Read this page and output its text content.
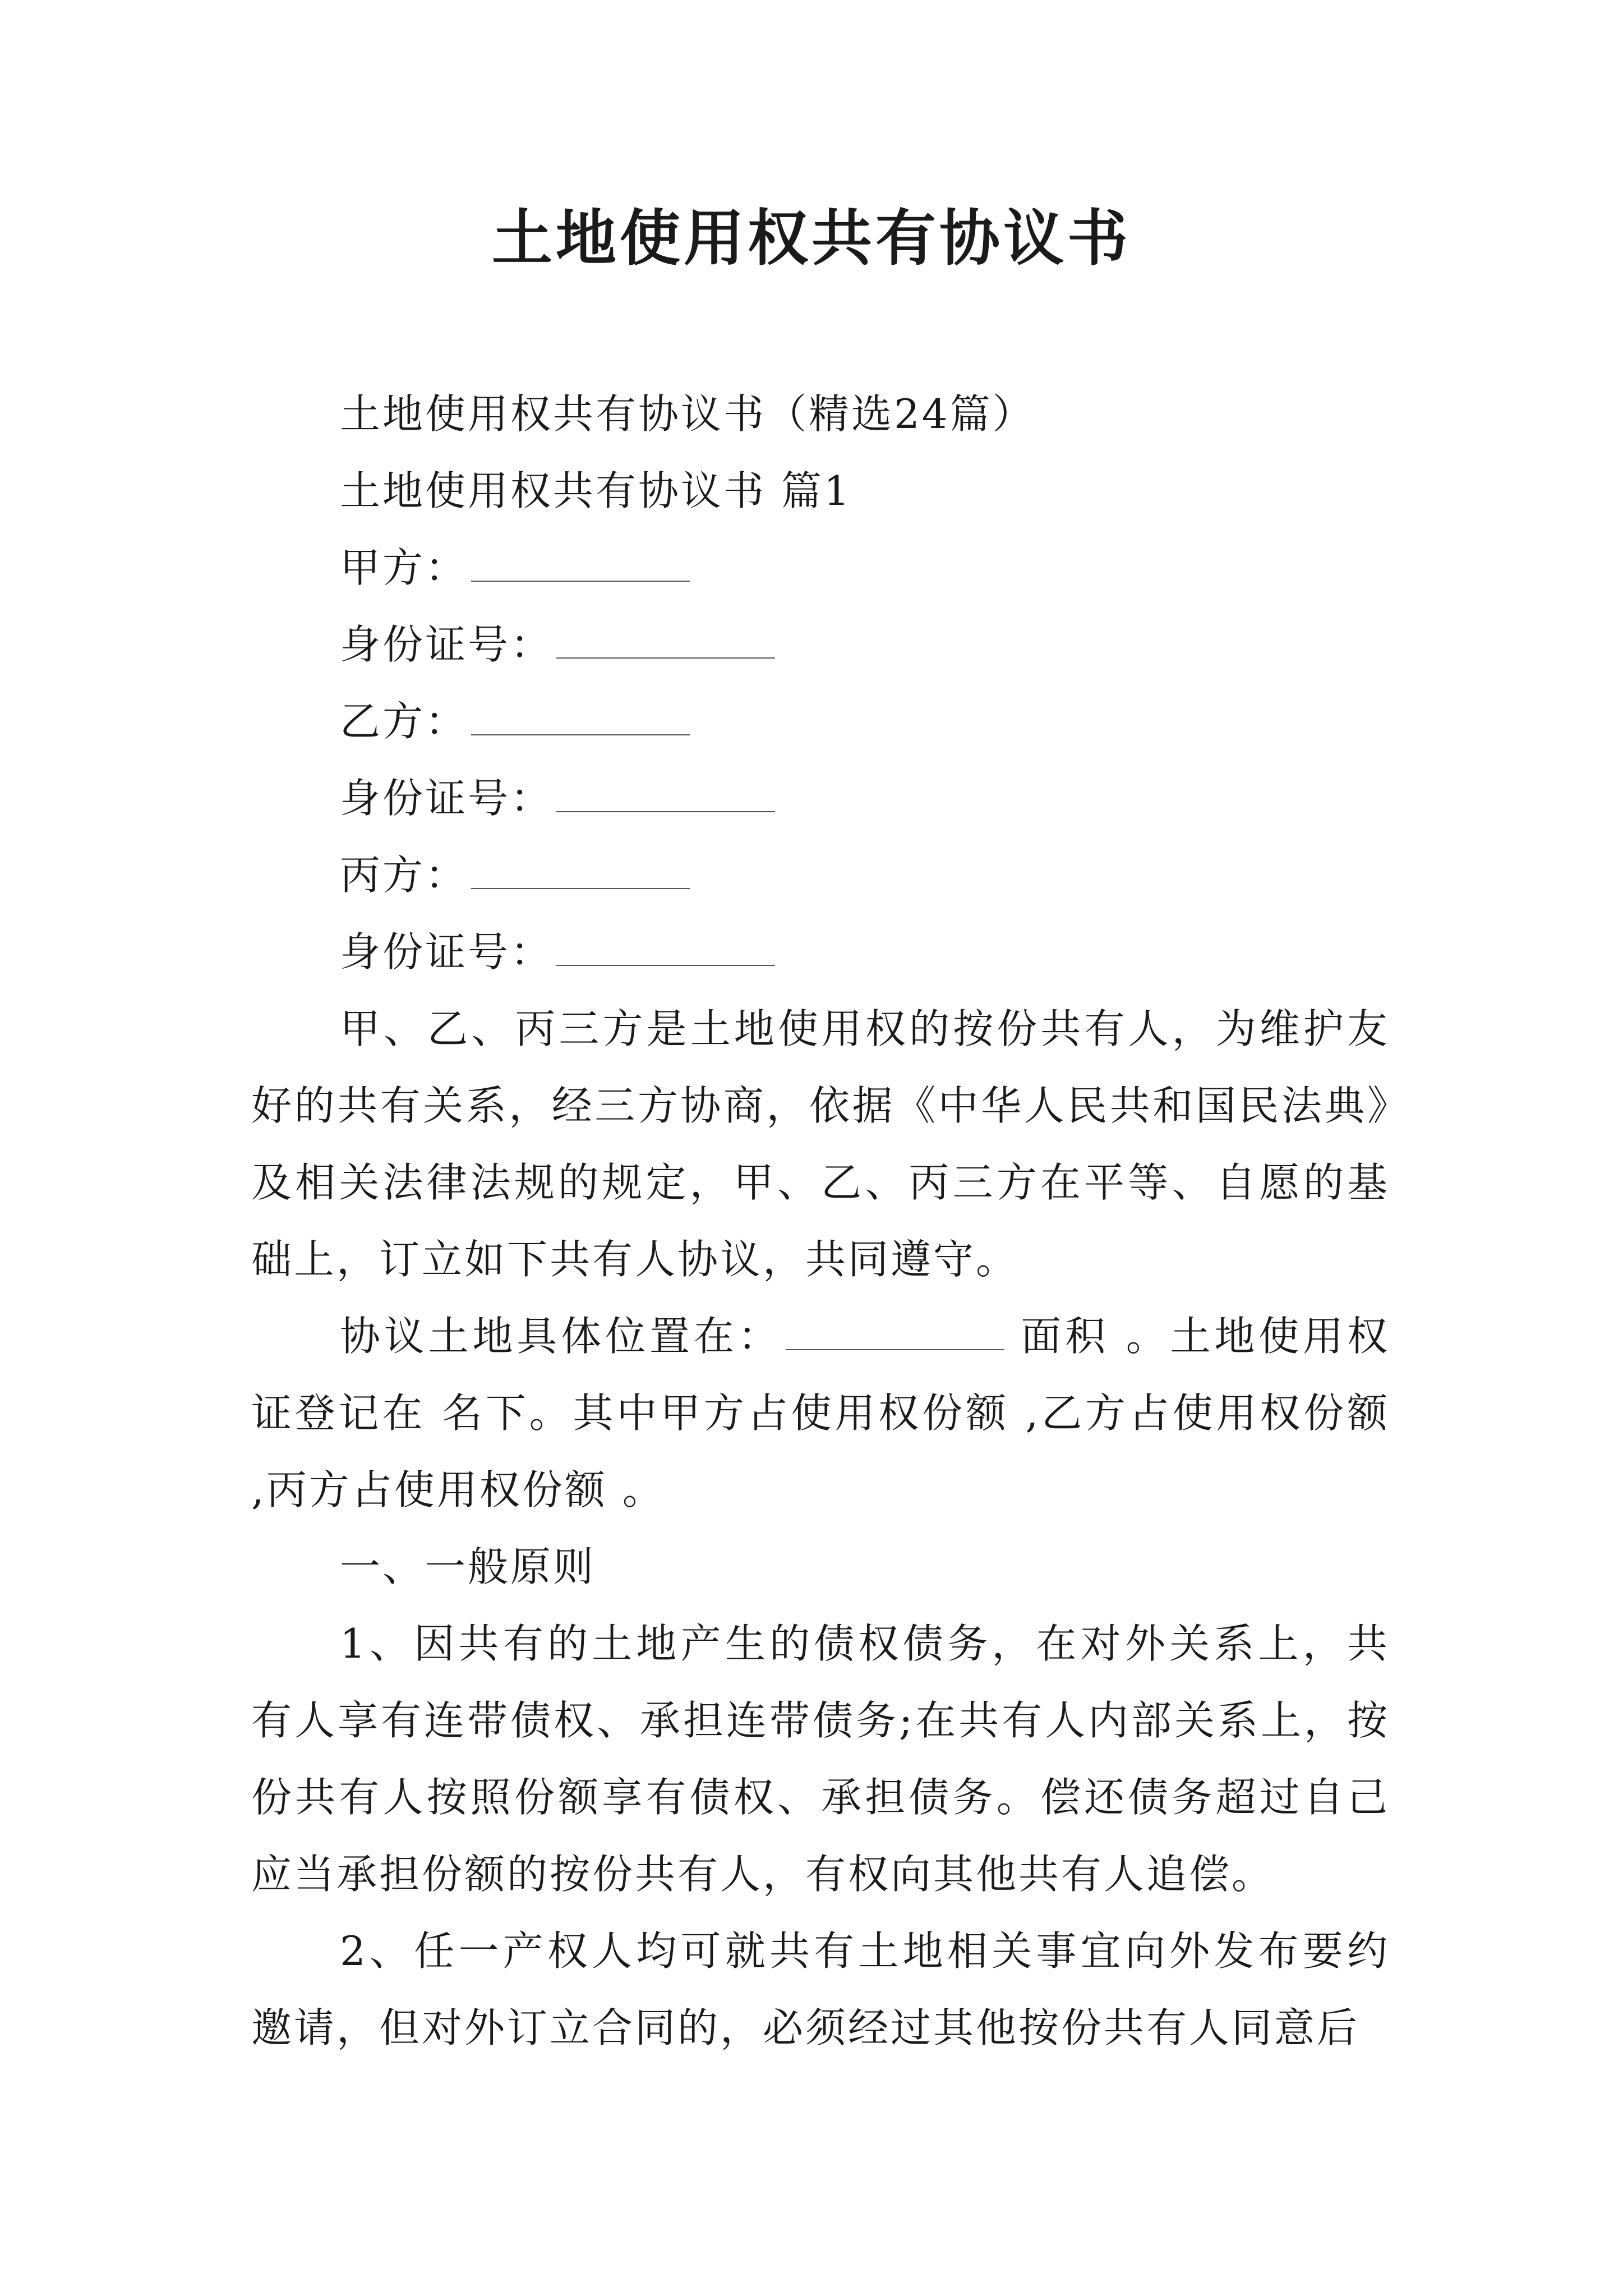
土地使用权共有协议书
土地使用权共有协议书（精选24篇）
土地使用权共有协议书 篇1
甲方：
身份证号：
乙方：
身份证号：
丙方：
身份证号：
甲、乙、丙三方是土地使用权的按份共有人，为维护友好的共有关系，经三方协商，依据《中华人民共和国民法典》及相关法律法规的规定，甲、乙、丙三方在平等、自愿的基础上，订立如下共有人协议，共同遵守。
协议土地具体位置在：	面积 。土地使用权证登记在 名下。其中甲方占使用权份额 ,乙方占使用权份额 ,丙方占使用权份额 。
一、一般原则
1、因共有的土地产生的债权债务，在对外关系上，共有人享有连带债权、承担连带债务;在共有人内部关系上，按份共有人按照份额享有债权、承担债务。偿还债务超过自己应当承担份额的按份共有人，有权向其他共有人追偿。
2、任一产权人均可就共有土地相关事宜向外发布要约邀请，但对外订立合同的，必须经过其他按份共有人同意后
